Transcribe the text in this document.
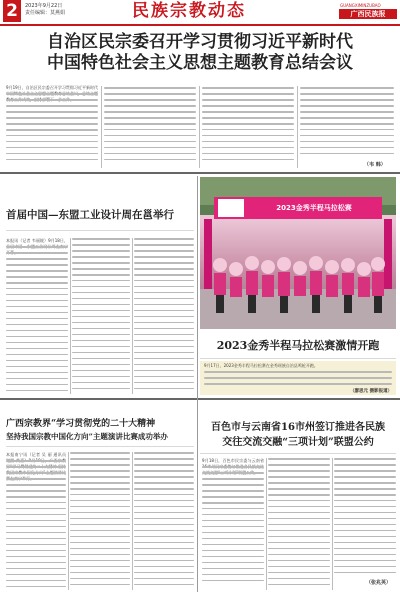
2	2023年9月22日
责任编辑：莫燕娟	民族宗教动态	GUANGXIMINZUBAO
广西民族报
自治区民宗委召开学习贯彻习近平新时代
中国特色社会主义思想主题教育总结会议
9月19日，自治区民宗委召开学习贯彻习近平新时代
（韦 韩）
首届中国—东盟工业设计周在邕举行
本报讯（记者 韦丽媛）9月18日，
2023金秀半程马拉松赛
2023金秀半程马拉松赛激情开跑
9月17日，2023金秀半程马拉松赛在金秀瑶族自治县鸣枪开跑。
（廖思元 摄影报道）
广西宗教界“学习贯彻党的二十大精神
坚持我国宗教中国化方向”主题演讲比赛成功举办
本报南宁讯（记者 吴 丽 通讯员
百色市与云南省16市州签订推进各民族
交往交流交融“三项计划”联盟公约
9月18日，百色市民宗委与云南省
（张兆英）
